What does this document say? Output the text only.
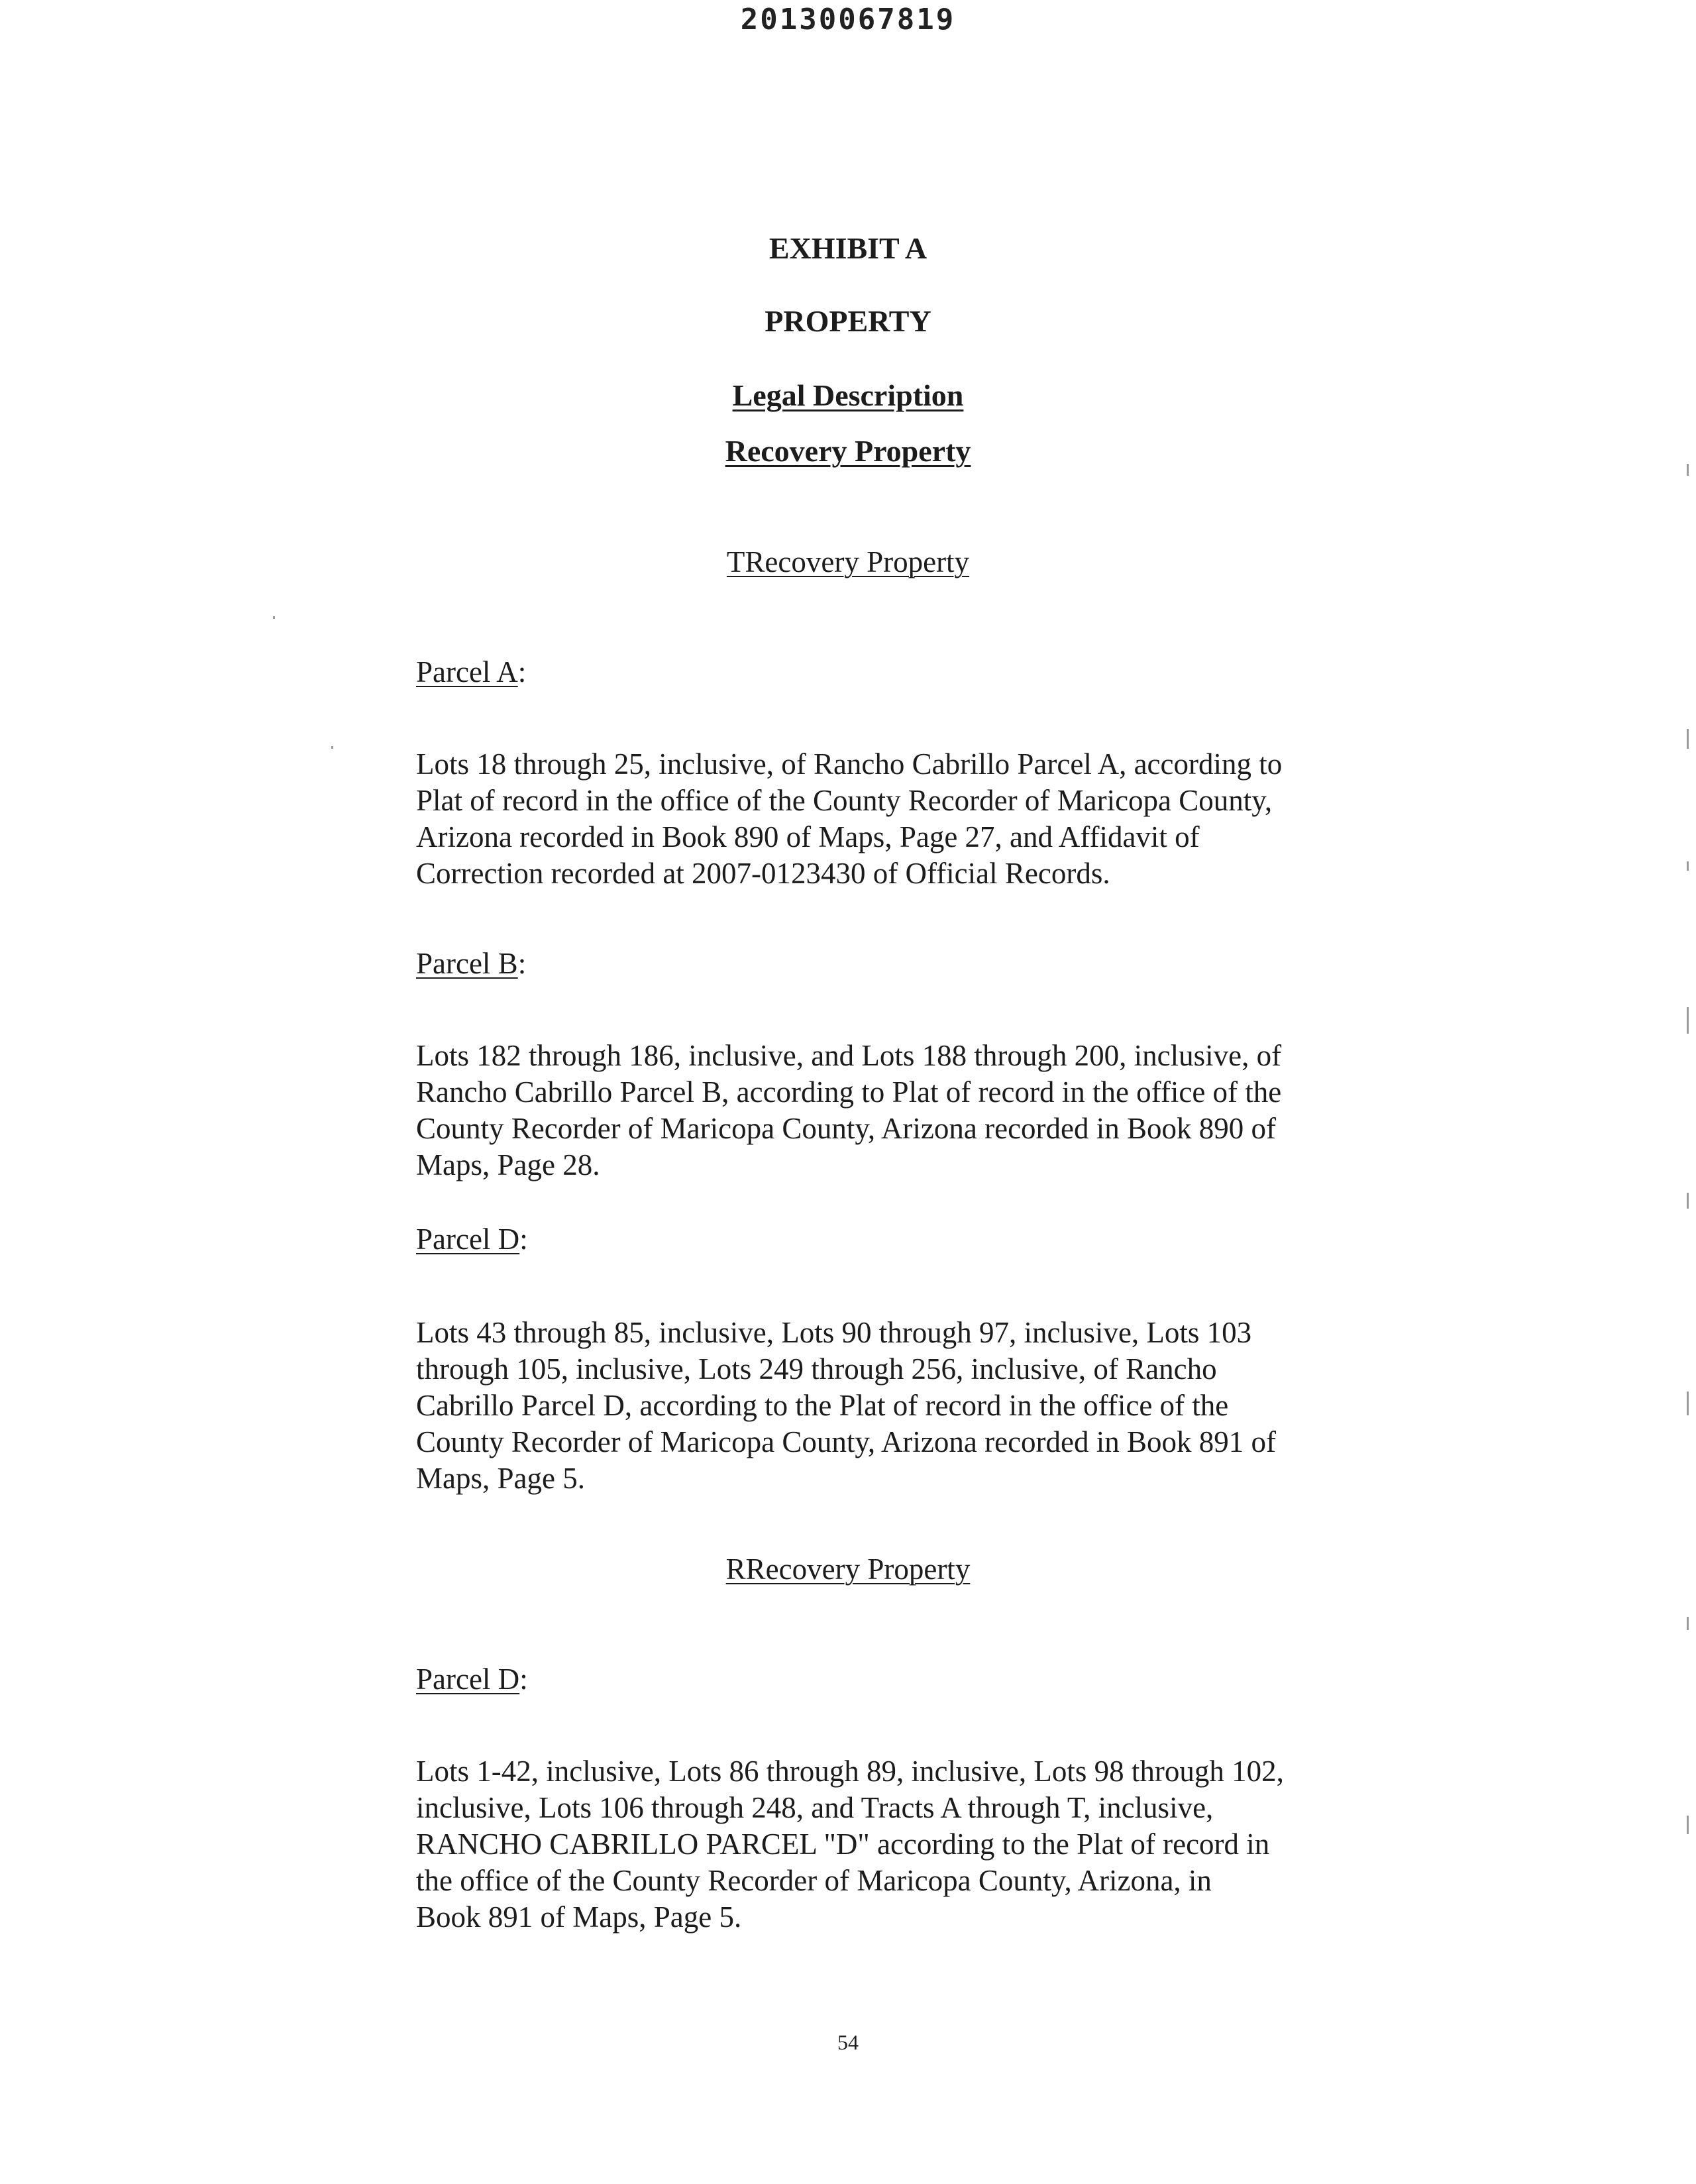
20130067819
EXHIBIT A
PROPERTY
Legal Description
Recovery Property
TRecovery Property
Parcel A:
Lots 18 through 25, inclusive, of Rancho Cabrillo Parcel A, according to
Plat of record in the office of the County Recorder of Maricopa County,
Arizona recorded in Book 890 of Maps, Page 27, and Affidavit of
Correction recorded at 2007-0123430 of Official Records.
Parcel B:
Lots 182 through 186, inclusive, and Lots 188 through 200, inclusive, of
Rancho Cabrillo Parcel B, according to Plat of record in the office of the
County Recorder of Maricopa County, Arizona recorded in Book 890 of
Maps, Page 28.
Parcel D:
Lots 43 through 85, inclusive, Lots 90 through 97, inclusive, Lots 103
through 105, inclusive, Lots 249 through 256, inclusive, of Rancho
Cabrillo Parcel D, according to the Plat of record in the office of the
County Recorder of Maricopa County, Arizona recorded in Book 891 of
Maps, Page 5.
RRecovery Property
Parcel D:
Lots 1-42, inclusive, Lots 86 through 89, inclusive, Lots 98 through 102,
inclusive, Lots 106 through 248, and Tracts A through T, inclusive,
RANCHO CABRILLO PARCEL "D" according to the Plat of record in
the office of the County Recorder of Maricopa County, Arizona, in
Book 891 of Maps, Page 5.
54
